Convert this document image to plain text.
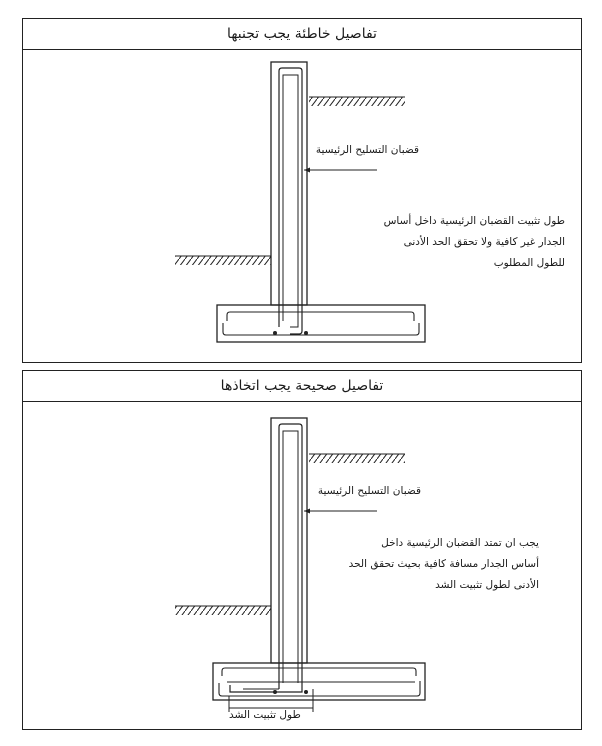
تفاصيل خاطئة يجب تجنبها
قضبان التسليح الرئيسية
طول تثبيت القضبان الرئيسية داخل أساس
الجدار غير كافية ولا تحقق الحد الأدنى
للطول المطلوب
تفاصيل صحيحة يجب اتخاذها
قضبان التسليح الرئيسية
يجب ان تمتد القضبان الرئيسية داخل
أساس الجدار مسافة كافية بحيث تحقق الحد
الأدنى لطول تثبيت الشد
طول تثبيت الشد
